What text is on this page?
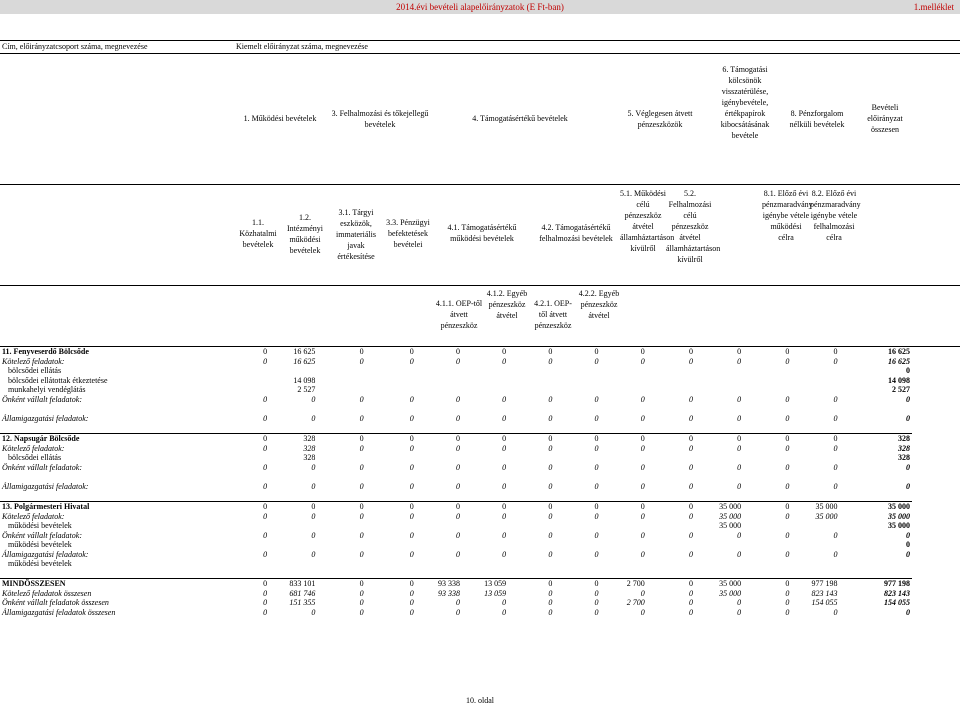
2014.évi bevételi alapelőirányzatok (E Ft-ban)	1.melléklet
Cím, előirányzatcsoport száma, megnevezése	Kiemelt előirányzat száma, megnevezése
1. Működési bevételek
3. Felhalmozási és tőkejellegű bevételek
4. Támogatásértékű bevételek
5. Véglegesen átvett pénzeszközök
6. Támogatási kölcsönök visszatérülése, igénybevétele, értékpapírok kibocsátásának bevétele
8. Pénzforgalom nélküli bevételek
Bevételi előirányzat összesen
1.1. Közhatalmi bevételek
1.2. Intézményi működési bevételek
3.1. Tárgyi eszközök, immateriális javak értékesítése
3.3. Pénzügyi befektetések bevételei
4.1. Támogatásértékű működési bevételek
4.2. Támogatásértékű felhalmozási bevételek
5.1. Működési célú pénzeszköz átvétel államháztartáson kívülről
5.2. Felhalmozási célú pénzeszköz átvétel államháztartáson kívülről
8.1. Előző évi pénzmaradvány igénybe vétele működési célra
8.2. Előző évi pénzmaradvány igénybe vétele felhalmozási célra
4.1.1. OEP-től átvett pénzeszköz
4.1.2. Egyéb pénzeszköz átvétel
4.2.1. OEP-től átvett pénzeszköz
4.2.2. Egyéb pénzeszköz átvétel
11. Fenyveserdő Bölcsőde	0	16 625	0	0	0	0	0	0	0	0	0	0	0	16 625
Kötelező feladatok:	0	16 625	0	0	0	0	0	0	0	0	0	0	0	16 625
bölcsődei ellátás														0
bölcsődei ellátottak étkeztetése		14 098												14 098
munkahelyi vendéglátás		2 527												2 527
Önként vállalt feladatok:	0	0	0	0	0	0	0	0	0	0	0	0	0	0

Államigazgatási feladatok:	0	0	0	0	0	0	0	0	0	0	0	0	0	0

12. Napsugár Bölcsőde	0	328	0	0	0	0	0	0	0	0	0	0	0	328
Kötelező feladatok:	0	328	0	0	0	0	0	0	0	0	0	0	0	328
bölcsődei ellátás		328												328
Önként vállalt feladatok:	0	0	0	0	0	0	0	0	0	0	0	0	0	0

Államigazgatási feladatok:	0	0	0	0	0	0	0	0	0	0	0	0	0	0

13. Polgármesteri Hivatal	0	0	0	0	0	0	0	0	0	0	35 000	0	35 000	35 000
Kötelező feladatok:	0	0	0	0	0	0	0	0	0	0	35 000	0	35 000	35 000
működési bevételek											35 000			35 000
Önként vállalt feladatok:	0	0	0	0	0	0	0	0	0	0	0	0	0	0
működési bevételek														0
Államigazgatási feladatok:	0	0	0	0	0	0	0	0	0	0	0	0	0	0
működési bevételek														

MINDÖSSZESEN	0	833 101	0	0	93 338	13 059	0	0	2 700	0	35 000	0	977 198	977 198
Kötelező feladatok összesen	0	681 746	0	0	93 338	13 059	0	0	0	0	35 000	0	823 143	823 143
Önként vállalt feladatok összesen	0	151 355	0	0	0	0	0	0	2 700	0	0	0	154 055	154 055
Államigazgatási feladatok összesen	0	0	0	0	0	0	0	0	0	0	0	0	0	0
10. oldal
